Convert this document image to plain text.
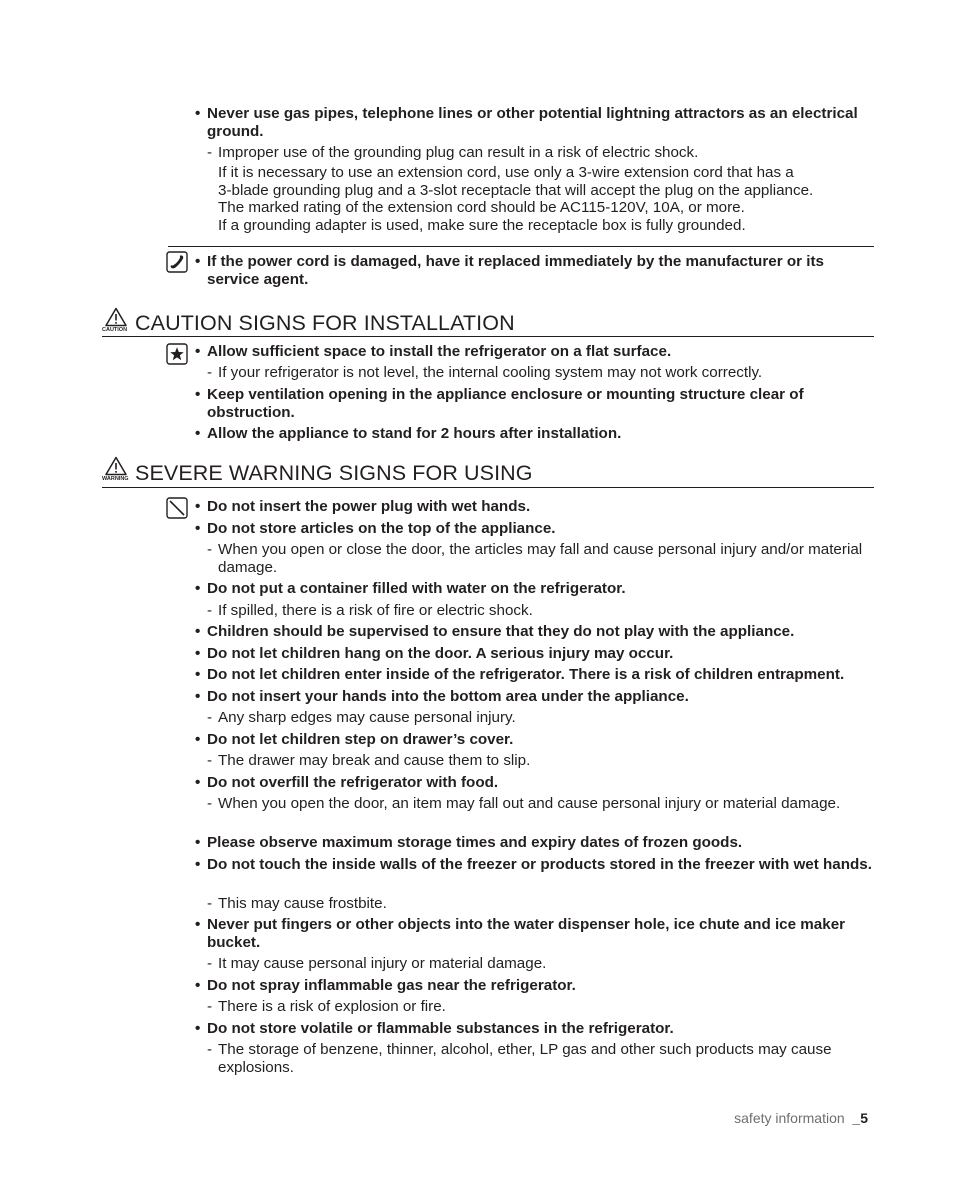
• Never use gas pipes, telephone lines or other potential lightning attractors as an electrical ground.
- Improper use of the grounding plug can result in a risk of electric shock.
If it is necessary to use an extension cord, use only a 3-wire extension cord that has a
3-blade grounding plug and a 3-slot receptacle that will accept the plug on the appliance.
The marked rating of the extension cord should be AC115-120V, 10A, or more.
If a grounding adapter is used, make sure the receptacle box is fully grounded.
• If the power cord is damaged, have it replaced immediately by the manufacturer or its service agent.
CAUTION CAUTION SIGNS FOR INSTALLATION
• Allow sufficient space to install the refrigerator on a flat surface.
- If your refrigerator is not level, the internal cooling system may not work correctly.
• Keep ventilation opening in the appliance enclosure or mounting structure clear of obstruction.
• Allow the appliance to stand for 2 hours after installation.
WARNING SEVERE WARNING SIGNS FOR USING
• Do not insert the power plug with wet hands.
• Do not store articles on the top of the appliance.
- When you open or close the door, the articles may fall and cause personal injury and/or material damage.
• Do not put a container filled with water on the refrigerator.
- If spilled, there is a risk of fire or electric shock.
• Children should be supervised to ensure that they do not play with the appliance.
• Do not let children hang on the door. A serious injury may occur.
• Do not let children enter inside of the refrigerator. There is a risk of children entrapment.
• Do not insert your hands into the bottom area under the appliance.
- Any sharp edges may cause personal injury.
• Do not let children step on drawer’s cover.
- The drawer may break and cause them to slip.
• Do not overfill the refrigerator with food.
- When you open the door, an item may fall out and cause personal injury or material damage.
• Please observe maximum storage times and expiry dates of frozen goods.
• Do not touch the inside walls of the freezer or products stored in the freezer with wet hands.
- This may cause frostbite.
• Never put fingers or other objects into the water dispenser hole, ice chute and ice maker bucket.
- It may cause personal injury or material damage.
• Do not spray inflammable gas near the refrigerator.
- There is a risk of explosion or fire.
• Do not store volatile or flammable substances in the refrigerator.
- The storage of benzene, thinner, alcohol, ether, LP gas and other such products may cause explosions.
safety information _5
